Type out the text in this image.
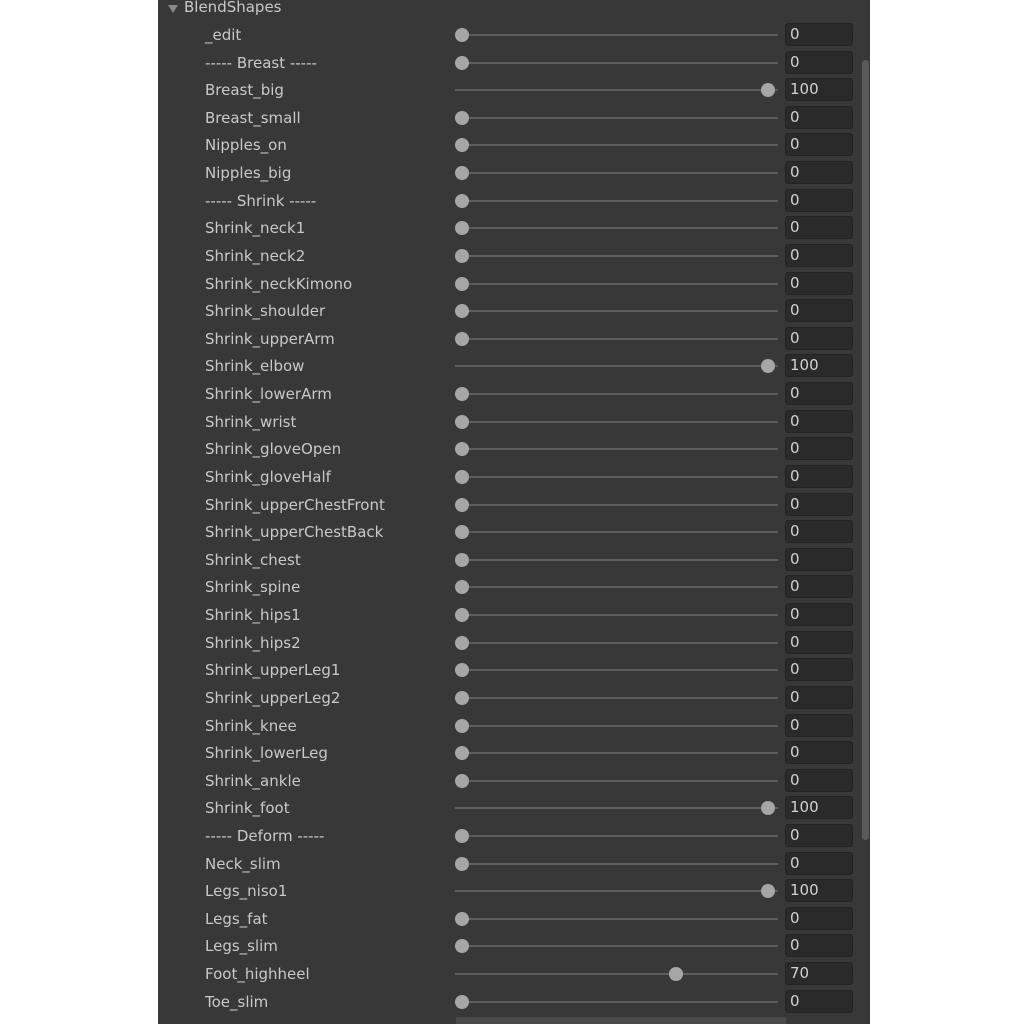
BlendShapes
_edit	0
----- Breast -----	0
Breast_big	100
Breast_small	0
Nipples_on	0
Nipples_big	0
----- Shrink -----	0
Shrink_neck1	0
Shrink_neck2	0
Shrink_neckKimono	0
Shrink_shoulder	0
Shrink_upperArm	0
Shrink_elbow	100
Shrink_lowerArm	0
Shrink_wrist	0
Shrink_gloveOpen	0
Shrink_gloveHalf	0
Shrink_upperChestFront	0
Shrink_upperChestBack	0
Shrink_chest	0
Shrink_spine	0
Shrink_hips1	0
Shrink_hips2	0
Shrink_upperLeg1	0
Shrink_upperLeg2	0
Shrink_knee	0
Shrink_lowerLeg	0
Shrink_ankle	0
Shrink_foot	100
----- Deform -----	0
Neck_slim	0
Legs_niso1	100
Legs_fat	0
Legs_slim	0
Foot_highheel	70
Toe_slim	0
